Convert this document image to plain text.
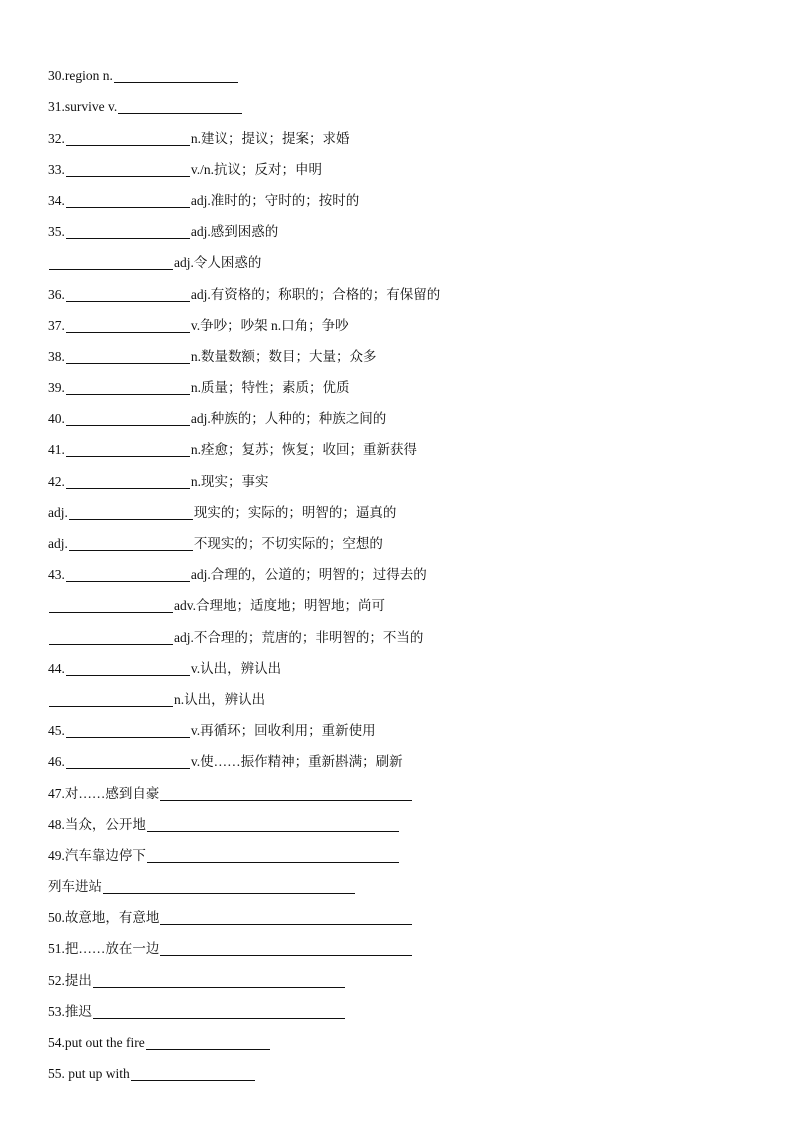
30.region n.
31.survive v.
32.	n.建议；提议；提案；求婚
33.	v./n.抗议；反对；申明
34.	adj.准时的；守时的；按时的
35.	adj.感到困惑的
adj.令人困惑的
36.	adj.有资格的；称职的；合格的；有保留的
37.	v.争吵；吵架 n.口角；争吵
38.	n.数量数额；数目；大量；众多
39.	n.质量；特性；素质；优质
40.	adj.种族的；人种的；种族之间的
41.	n.痊愈；复苏；恢复；收回；重新获得
42.	n.现实；事实
adj.	现实的；实际的；明智的；逼真的
adj.	不现实的；不切实际的；空想的
43.	adj.合理的，公道的；明智的；过得去的
adv.合理地；适度地；明智地；尚可
adj.不合理的；荒唐的；非明智的；不当的
44.	v.认出，辨认出
n.认出，辨认出
45.	v.再循环；回收利用；重新使用
46.	v.使……振作精神；重新斟满；刷新
47.对……感到自豪
48.当众，公开地
49.汽车靠边停下
列车进站
50.故意地，有意地
51.把……放在一边
52.提出
53.推迟
54.put out the fire
55. put up with
